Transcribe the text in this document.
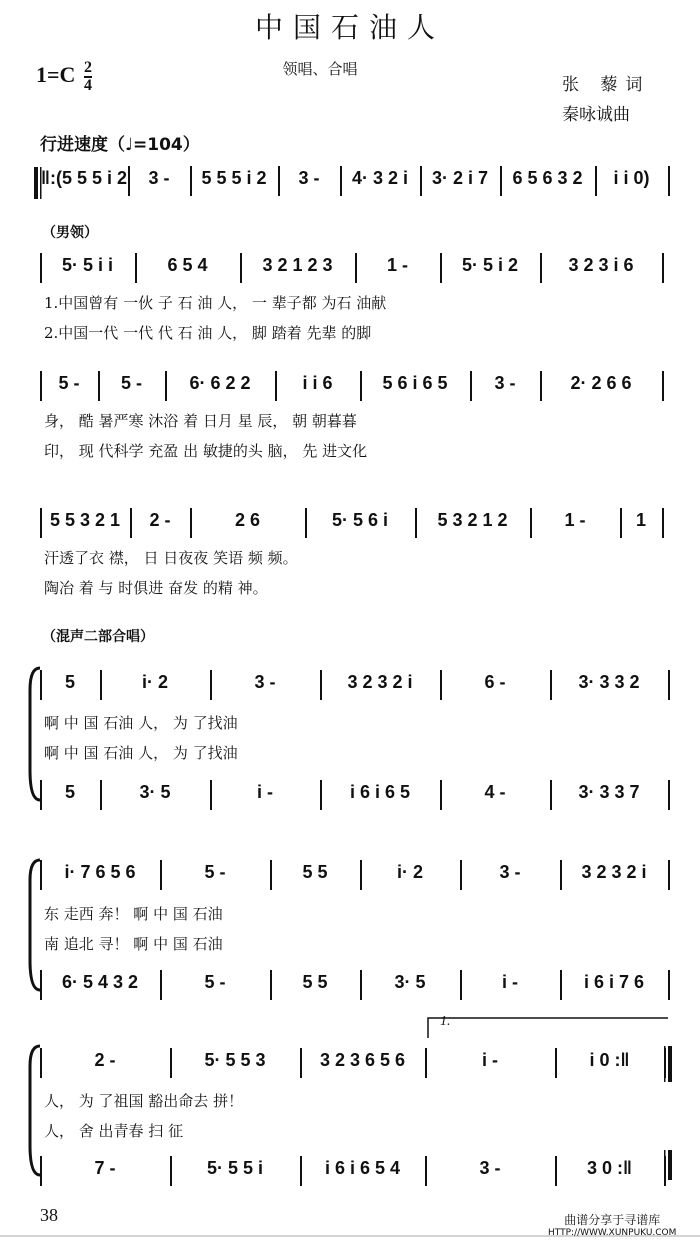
中国石油人
领唱、合唱
$1=C \frac{2}{4}$	张 藜词
秦咏诚曲
行进速度（♩=104）
（男领）
（混声二部合唱）
‖:(5 5 5 i 2 3 - 5 5 5 i 2 3 - 4· 3 2 i 3· 2 i 7 6 5 6 3 2 i i 0)
5· 5 i i	6 5 4	3 2 1 2 3	1 -	5· 5 i 2	3 2 3 i 6
1.中国曾有 一伙 子 石 油 人， 一 辈子都 为石 油献
2.中国一代 一代 代 石 油 人， 脚 踏着 先辈 的脚
5 - 5 -	6· 6 2 2	i i 6	5 6 i 6 5	3 -	2· 2 6 6
身， 酷 暑严寒 沐浴 着 日月 星 辰， 朝 朝暮暮
印， 现 代科学 充盈 出 敏捷的头 脑， 先 进文化
5 5 3 2 1 2 -	2 6	5· 5 6 i	5 3 2 1 2	1 -	1
汗透了衣 襟， 日 日夜夜 笑语 频 频。
陶冶 着 与 时俱进 奋发 的精 神。
5	i· 2	3 -	3 2 3 2 i	6 -	3· 3 3 2
5	3· 5	i -	i 6 i 6 5	4 -	3· 3 3 7
啊 中 国 石油 人， 为 了找油
啊 中 国 石油 人， 为 了找油
i· 7 6 5 6	5 -	5 5	i· 2	3 -	3 2 3 2 i
6· 5 4 3 2	5 -	5 5	3· 5	i -	i 6 i 7 6
东 走西 奔！ 啊 中 国 石油
南 追北 寻！ 啊 中 国 石油
2 -	5· 5 5 3	3 2 3 6 5 6	i -	i 0 :‖
7 -	5· 5 5 i	i 6 i 6 5 4	3 -	3 0 :‖
人， 为 了祖国 豁出命去 拼！
人， 舍 出青春 扫 征
1.
38	曲谱分享于寻谱库
HTTP://WWW.XUNPUKU.COM
